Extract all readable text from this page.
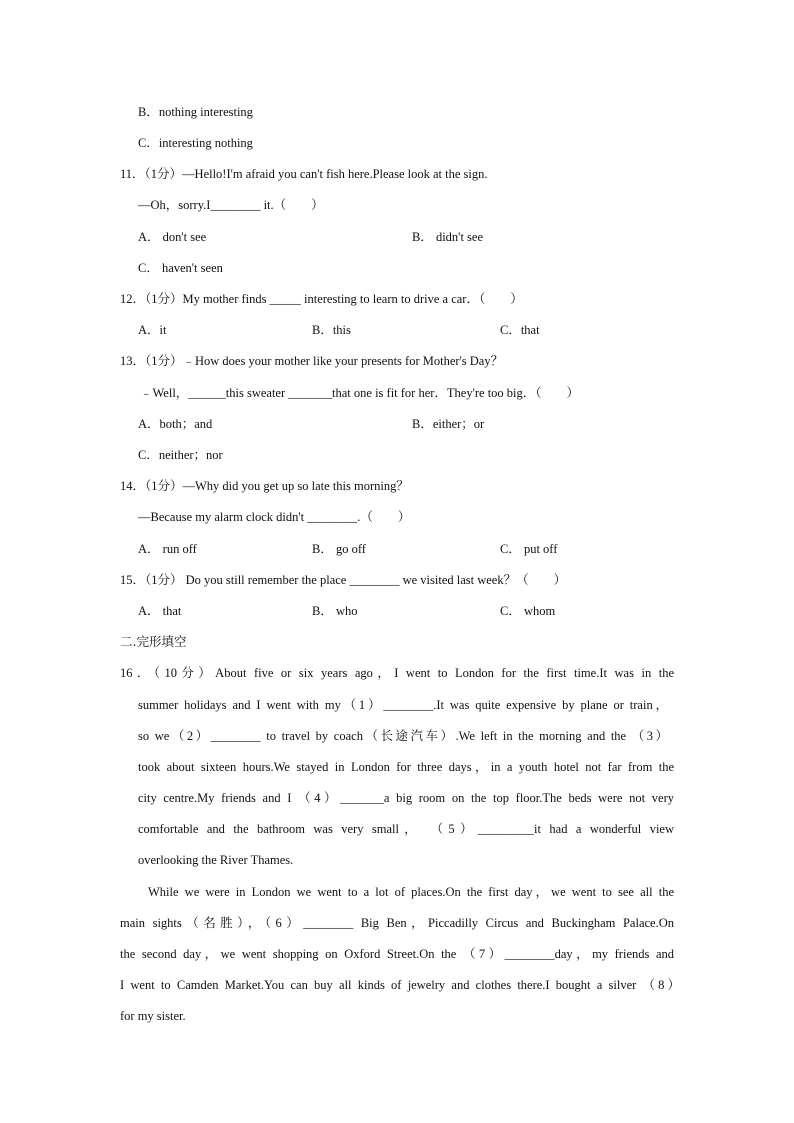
B．nothing interesting
C．interesting nothing
11．（1分）—Hello!I'm afraid you can't fish here.Please look at the sign.
—Oh，sorry.I________ it.（　　）
A． don't see	B． didn't see
C． haven't seen
12．（1分）My mother finds _____ interesting to learn to drive a car．（　　）
A．it	B．this	C．that
13．（1分）﹣How does your mother like your presents for Mother's Day？
﹣Well，______this sweater _______that one is fit for her．They're too big．（　　）
A．both；and	B．either；or
C．neither；nor
14．（1分）—Why did you get up so late this morning？
—Because my alarm clock didn't ________.（　　）
A． run off	B． go off	C． put off
15．（1分） Do you still remember the place ________ we visited last week？（　　）
A． that	B． who	C． whom
二.完形填空
16．（10分）About five or six years ago，I went to London for the first time.It was in the
summer holidays and I went with my（1）________.It was quite expensive by plane or train，
so we（2）________ to travel by coach（长途汽车）.We left in the morning and the （3）
took about sixteen hours.We stayed in London for three days，in a youth hotel not far from the
city centre.My friends and I （4）_______a big room on the top floor.The beds were not very
comfortable and the bathroom was very small， （5）_________it had a wonderful view
overlooking the River Thames.
While we were in London we went to a lot of places.On the first day，we went to see all the
main sights（名胜），（6）________ Big Ben，Piccadilly Circus and Buckingham Palace.On
the second day，we went shopping on Oxford Street.On the （7）________day，my friends and
I went to Camden Market.You can buy all kinds of jewelry and clothes there.I bought a silver （8）
for my sister.
